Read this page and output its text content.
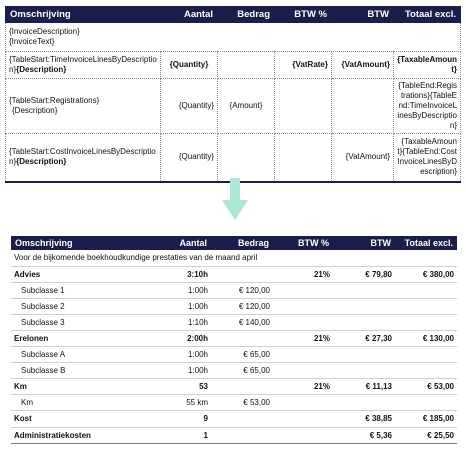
Omschrijving	Aantal	Bedrag	BTW %	BTW	Totaal excl.

{InvoiceDescription}
{InvoiceText}					

{TableStart:TimeInvoiceLinesByDescription}{Description}	{Quantity}		{VatRate}	{VatAmount}	{TaxableAmount}

{TableStart:Registrations}
{Description}	{Quantity}	{Amount}			{TableEnd:Registrations}{TableEnd:TimeInvoiceLinesByDescription}
{TableStart:CostInvoiceLinesByDescription}{Description}	{Quantity}			{VatAmount}	{TaxableAmount}{TableEnd:CostInvoiceLinesByDescription}
Omschrijving	Aantal	Bedrag	BTW %	BTW	Totaal excl.
Voor de bijkomende boekhoudkundige prestaties van de maand april					
Advies	3:10h		21%	€ 79,80	€ 380,00
Subclasse 1	1:00h	€ 120,00			
Subclasse 2	1:00h	€ 120,00			
Subclasse 3	1:10h	€ 140,00			
Erelonen	2:00h		21%	€ 27,30	€ 130,00
Subclasse A	1:00h	€ 65,00			
Subclasse B	1:00h	€ 65,00			
Km	53		21%	€ 11,13	€ 53,00
Km	55 km	€ 53,00			
Kost	9			€ 38,85	€ 185,00
Administratiekosten	1			€ 5,36	€ 25,50
